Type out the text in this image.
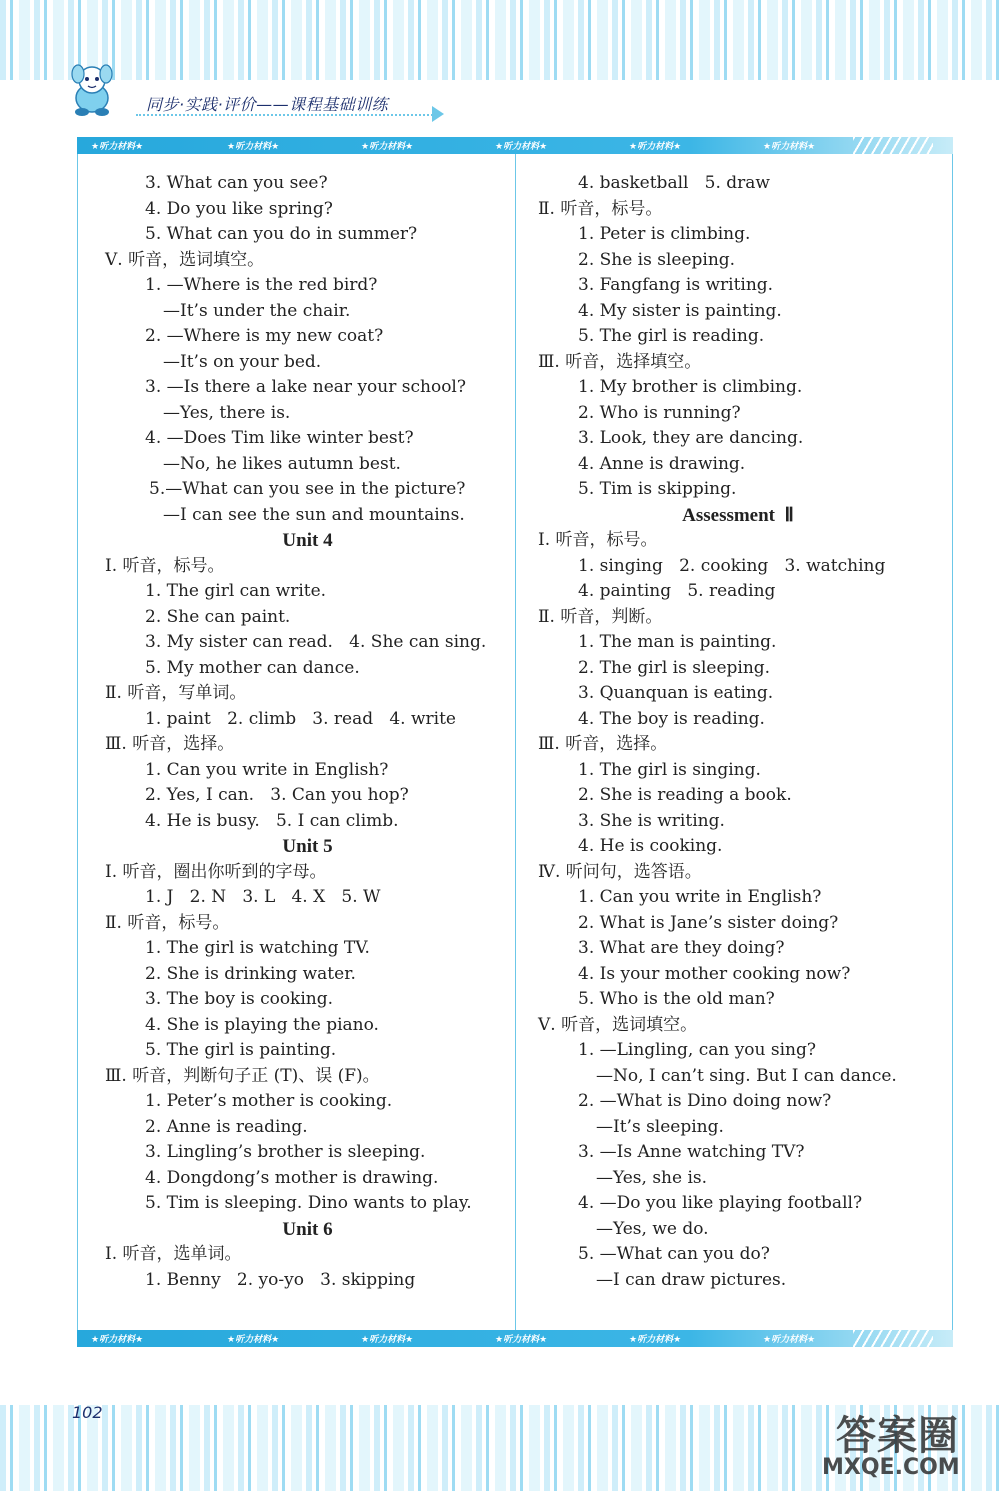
同步·实践·评价——课程基础训练
★听力材料★	★听力材料★	★听力材料★	★听力材料★	★听力材料★	★听力材料★
3. What can you see?
4. Do you like spring?
5. What can you do in summer?
Ⅴ. 听音，选词填空。
1. —Where is the red bird?
—It’s under the chair.
2. —Where is my new coat?
—It’s on your bed.
3. —Is there a lake near your school?
—Yes, there is.
4. —Does Tim like winter best?
—No, he likes autumn best.
5.—What can you see in the picture?
—I can see the sun and mountains.
Unit 4
Ⅰ. 听音，标号。
1. The girl can write.
2. She can paint.
3. My sister can read.   4. She can sing.
5. My mother can dance.
Ⅱ. 听音，写单词。
1. paint   2. climb   3. read   4. write
Ⅲ. 听音，选择。
1. Can you write in English?
2. Yes, I can.   3. Can you hop?
4. He is busy.   5. I can climb.
Unit 5
Ⅰ. 听音，圈出你听到的字母。
1. J   2. N   3. L   4. X   5. W
Ⅱ. 听音，标号。
1. The girl is watching TV.
2. She is drinking water.
3. The boy is cooking.
4. She is playing the piano.
5. The girl is painting.
Ⅲ. 听音，判断句子正 (T)、误 (F)。
1. Peter’s mother is cooking.
2. Anne is reading.
3. Lingling’s brother is sleeping.
4. Dongdong’s mother is drawing.
5. Tim is sleeping. Dino wants to play.
Unit 6
Ⅰ. 听音，选单词。
1. Benny   2. yo-yo   3. skipping
4. basketball   5. draw
Ⅱ. 听音，标号。
1. Peter is climbing.
2. She is sleeping.
3. Fangfang is writing.
4. My sister is painting.
5. The girl is reading.
Ⅲ. 听音，选择填空。
1. My brother is climbing.
2. Who is running?
3. Look, they are dancing.
4. Anne is drawing.
5. Tim is skipping.
Assessment  Ⅱ
Ⅰ. 听音，标号。
1. singing   2. cooking   3. watching
4. painting   5. reading
Ⅱ. 听音，判断。
1. The man is painting.
2. The girl is sleeping.
3. Quanquan is eating.
4. The boy is reading.
Ⅲ. 听音，选择。
1. The girl is singing.
2. She is reading a book.
3. She is writing.
4. He is cooking.
Ⅳ. 听问句，选答语。
1. Can you write in English?
2. What is Jane’s sister doing?
3. What are they doing?
4. Is your mother cooking now?
5. Who is the old man?
Ⅴ. 听音，选词填空。
1. —Lingling, can you sing?
—No, I can’t sing. But I can dance.
2. —What is Dino doing now?
—It’s sleeping.
3. —Is Anne watching TV?
—Yes, she is.
4. —Do you like playing football?
—Yes, we do.
5. —What can you do?
—I can draw pictures.
★听力材料★	★听力材料★	★听力材料★	★听力材料★	★听力材料★	★听力材料★
102
答案圈
MXQE.COM
